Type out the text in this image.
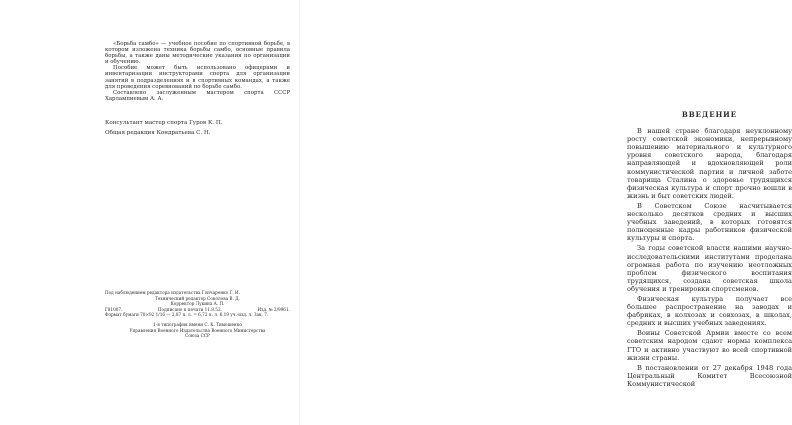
«Борьба самбо» — учебное пособие по спортивной борьбе, в котором изложена техника борьбы самбо, основные правила борьбы, а также даны методические указания по организации и обучению.

Пособие может быть использовано офицерами и инвентаризации инструкторами спорта для организации занятий в подразделениях и в спортивных командах, а также для проведения соревнований по борьбе самбо.

Составлено заслуженным мастером спорта СССР Харлампиевым А. А.

Консультант мастер спорта Гуров К. П.

Общая редакция Кондратьева С. Н.

Под наблюдением редактора издательства Гончаренко Г. И.

Технический редактор Соколова В. Д.

Корректор Лукина А. П.

Г81007.	Подписано к печати 11.8.52.	Изд. № 2/9961.

Формат бумаги 70×92 1/16 — 2,87 п. л. = 6,72 п. л. 6.19 уч.-изд. л. Зак. 7.

1-я типография имени С. К. Тимошенко

Управления Военного Издательства Военного Министерства

Союза ССР

ВВЕДЕНИЕ

В нашей стране благодаря неуклонному росту советской экономики, непрерывному повышению материального и культурного уровня советского народа, благодаря направляющей и вдохновляющей роли коммунистической партии и личной заботе товарища Сталина о здоровье трудящихся физическая культура и спорт прочно вошли в жизнь и быт советских людей.

В Советском Союзе насчитывается несколько десятков средних и высших учебных заведений, в которых готовятся полноценные кадры работников физической культуры и спорта.

За годы советской власти нашими научно-исследовательскими институтами проделана огромная работа по изучению неотложных проблем физического воспитания трудящихся, создана советская школа обучения и тренировки спортсменов.

Физическая культура получает все большее распространение на заводах и фабриках, в колхозах и совхозах, в школах, средних и высших учебных заведениях.

Воины Советской Армии вместе со всем советским народом сдают нормы комплекса ГТО и активно участвуют во всей спортивной жизни страны.

В постановлении от 27 декабря 1948 года Центральный Комитет Всесоюзной Коммунистической
